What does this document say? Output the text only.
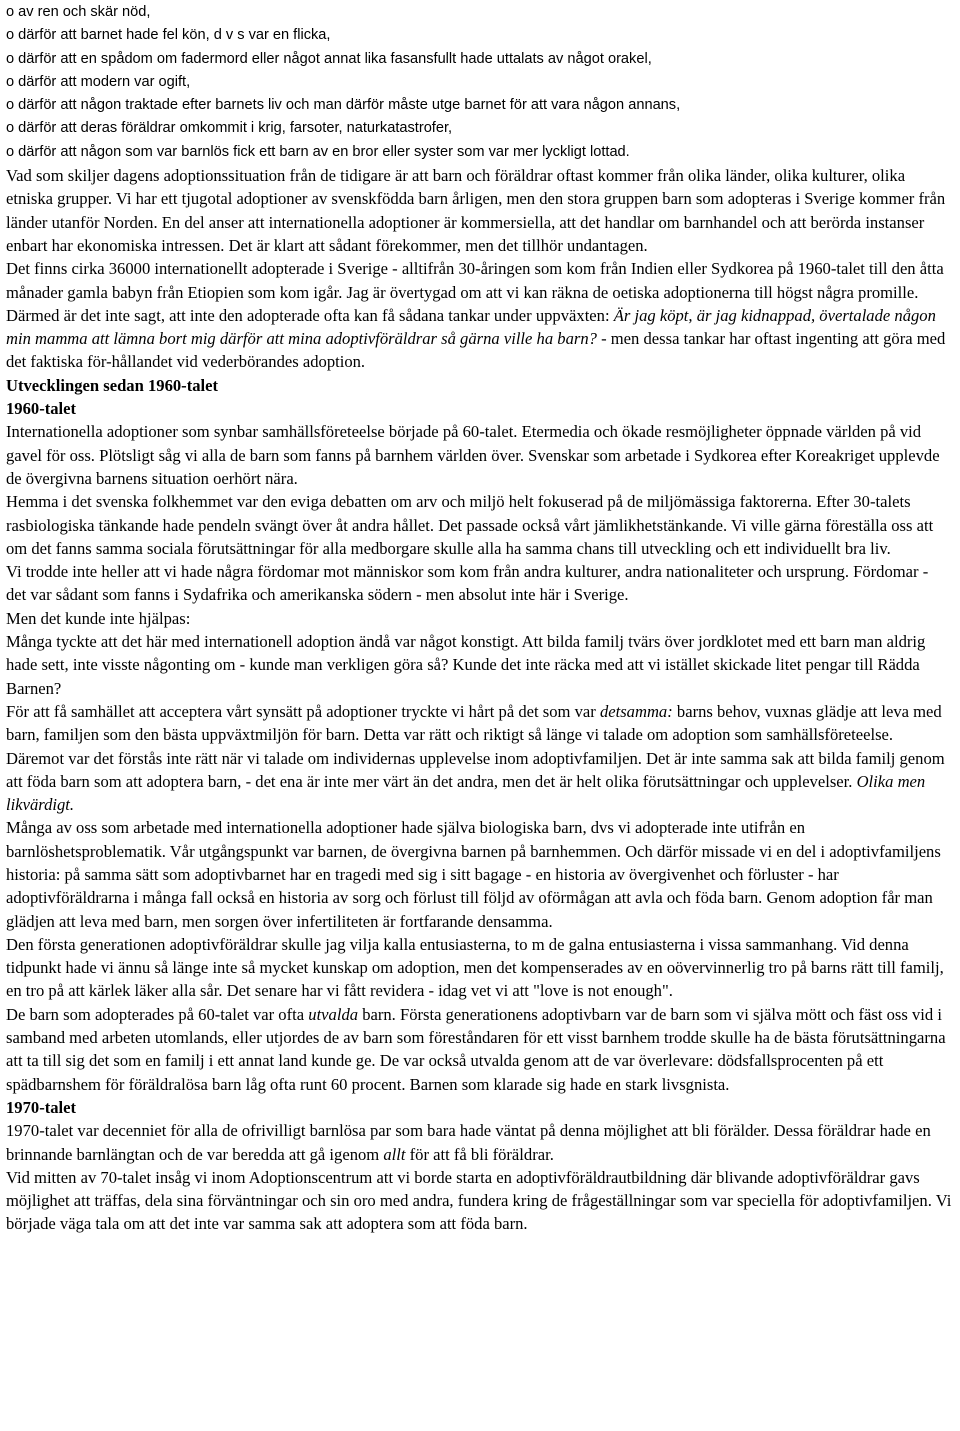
o av ren och skär nöd,
o därför att barnet hade fel kön, d v s var en flicka,
o därför att en spådom om fadermord eller något annat lika fasansfullt hade uttalats av något orakel,
o därför att modern var ogift,
o därför att någon traktade efter barnets liv och man därför måste utge barnet för att vara någon annans,
o därför att deras föräldrar omkommit i krig, farsoter, naturkatastrofer,
o därför att någon som var barnlös fick ett barn av en bror eller syster som var mer lyckligt lottad.

Vad som skiljer dagens adoptionssituation från de tidigare är att barn och föräldrar oftast kommer från olika länder, olika kulturer, olika etniska grupper. Vi har ett tjugotal adoptioner av svenskfödda barn årligen, men den stora gruppen barn som adopteras i Sverige kommer från länder utanför Norden. En del anser att internationella adoptioner är kommersiella, att det handlar om barnhandel och att berörda instanser enbart har ekonomiska intressen. Det är klart att sådant förekommer, men det tillhör undantagen.

Det finns cirka 36000 internationellt adopterade i Sverige - alltifrån 30-åringen som kom från Indien eller Sydkorea på 1960-talet till den åtta månader gamla babyn från Etiopien som kom igår. Jag är övertygad om att vi kan räkna de oetiska adoptionerna till högst några promille. Därmed är det inte sagt, att inte den adopterade ofta kan få sådana tankar under uppväxten: Är jag köpt, är jag kidnappad, övertalade någon min mamma att lämna bort mig därför att mina adoptivföräldrar så gärna ville ha barn? - men dessa tankar har oftast ingenting att göra med det faktiska för-hållandet vid vederbörandes adoption.

Utvecklingen sedan 1960-talet
1960-talet

Internationella adoptioner som synbar samhällsföreteelse började på 60-talet. Etermedia och ökade resmöjligheter öppnade världen på vid gavel för oss. Plötsligt såg vi alla de barn som fanns på barnhem världen över. Svenskar som arbetade i Sydkorea efter Koreakriget upplevde de övergivna barnens situation oerhört nära.

Hemma i det svenska folkhemmet var den eviga debatten om arv och miljö helt fokuserad på de miljömässiga faktorerna. Efter 30-talets rasbiologiska tänkande hade pendeln svängt över åt andra hållet. Det passade också vårt jämlikhetstänkande. Vi ville gärna föreställa oss att om det fanns samma sociala förutsättningar för alla medborgare skulle alla ha samma chans till utveckling och ett individuellt bra liv.

Vi trodde inte heller att vi hade några fördomar mot människor som kom från andra kulturer, andra nationaliteter och ursprung. Fördomar - det var sådant som fanns i Sydafrika och amerikanska södern - men absolut inte här i Sverige.

Men det kunde inte hjälpas:

Många tyckte att det här med internationell adoption ändå var något konstigt. Att bilda familj tvärs över jordklotet med ett barn man aldrig hade sett, inte visste någonting om - kunde man verkligen göra så? Kunde det inte räcka med att vi istället skickade litet pengar till Rädda Barnen?

För att få samhället att acceptera vårt synsätt på adoptioner tryckte vi hårt på det som var detsamma: barns behov, vuxnas glädje att leva med barn, familjen som den bästa uppväxtmiljön för barn. Detta var rätt och riktigt så länge vi talade om adoption som samhällsföreteelse. Däremot var det förstås inte rätt när vi talade om individernas upplevelse inom adoptivfamiljen. Det är inte samma sak att bilda familj genom att föda barn som att adoptera barn, - det ena är inte mer värt än det andra, men det är helt olika förutsättningar och upplevelser. Olika men likvärdigt.

Många av oss som arbetade med internationella adoptioner hade själva biologiska barn, dvs vi adopterade inte utifrån en barnlöshetsproblematik. Vår utgångspunkt var barnen, de övergivna barnen på barnhemmen. Och därför missade vi en del i adoptivfamiljens historia: på samma sätt som adoptivbarnet har en tragedi med sig i sitt bagage - en historia av övergivenhet och förluster - har adoptivföräldrarna i många fall också en historia av sorg och förlust till följd av oförmågan att avla och föda barn. Genom adoption får man glädjen att leva med barn, men sorgen över infertiliteten är fortfarande densamma.

Den första generationen adoptivföräldrar skulle jag vilja kalla entusiasterna, to m de galna entusiasterna i vissa sammanhang. Vid denna tidpunkt hade vi ännu så länge inte så mycket kunskap om adoption, men det kompenserades av en oövervinnerlig tro på barns rätt till familj, en tro på att kärlek läker alla sår. Det senare har vi fått revidera - idag vet vi att "love is not enough".

De barn som adopterades på 60-talet var ofta utvalda barn. Första generationens adoptivbarn var de barn som vi själva mött och fäst oss vid i samband med arbeten utomlands, eller utjordes de av barn som föreståndaren för ett visst barnhem trodde skulle ha de bästa förutsättningarna att ta till sig det som en familj i ett annat land kunde ge. De var också utvalda genom att de var överlevare: dödsfallsprocenten på ett spädbarnshem för föräldralösa barn låg ofta runt 60 procent. Barnen som klarade sig hade en stark livsgnista.

1970-talet

1970-talet var decenniet för alla de ofrivilligt barnlösa par som bara hade väntat på denna möjlighet att bli förälder. Dessa föräldrar hade en brinnande barnlängtan och de var beredda att gå igenom allt för att få bli föräldrar.

Vid mitten av 70-talet insåg vi inom Adoptionscentrum att vi borde starta en adoptivföräldrautbildning där blivande adoptivföräldrar gavs möjlighet att träffas, dela sina förväntningar och sin oro med andra, fundera kring de frågeställningar som var speciella för adoptivfamiljen. Vi började väga tala om att det inte var samma sak att adoptera som att föda barn.
